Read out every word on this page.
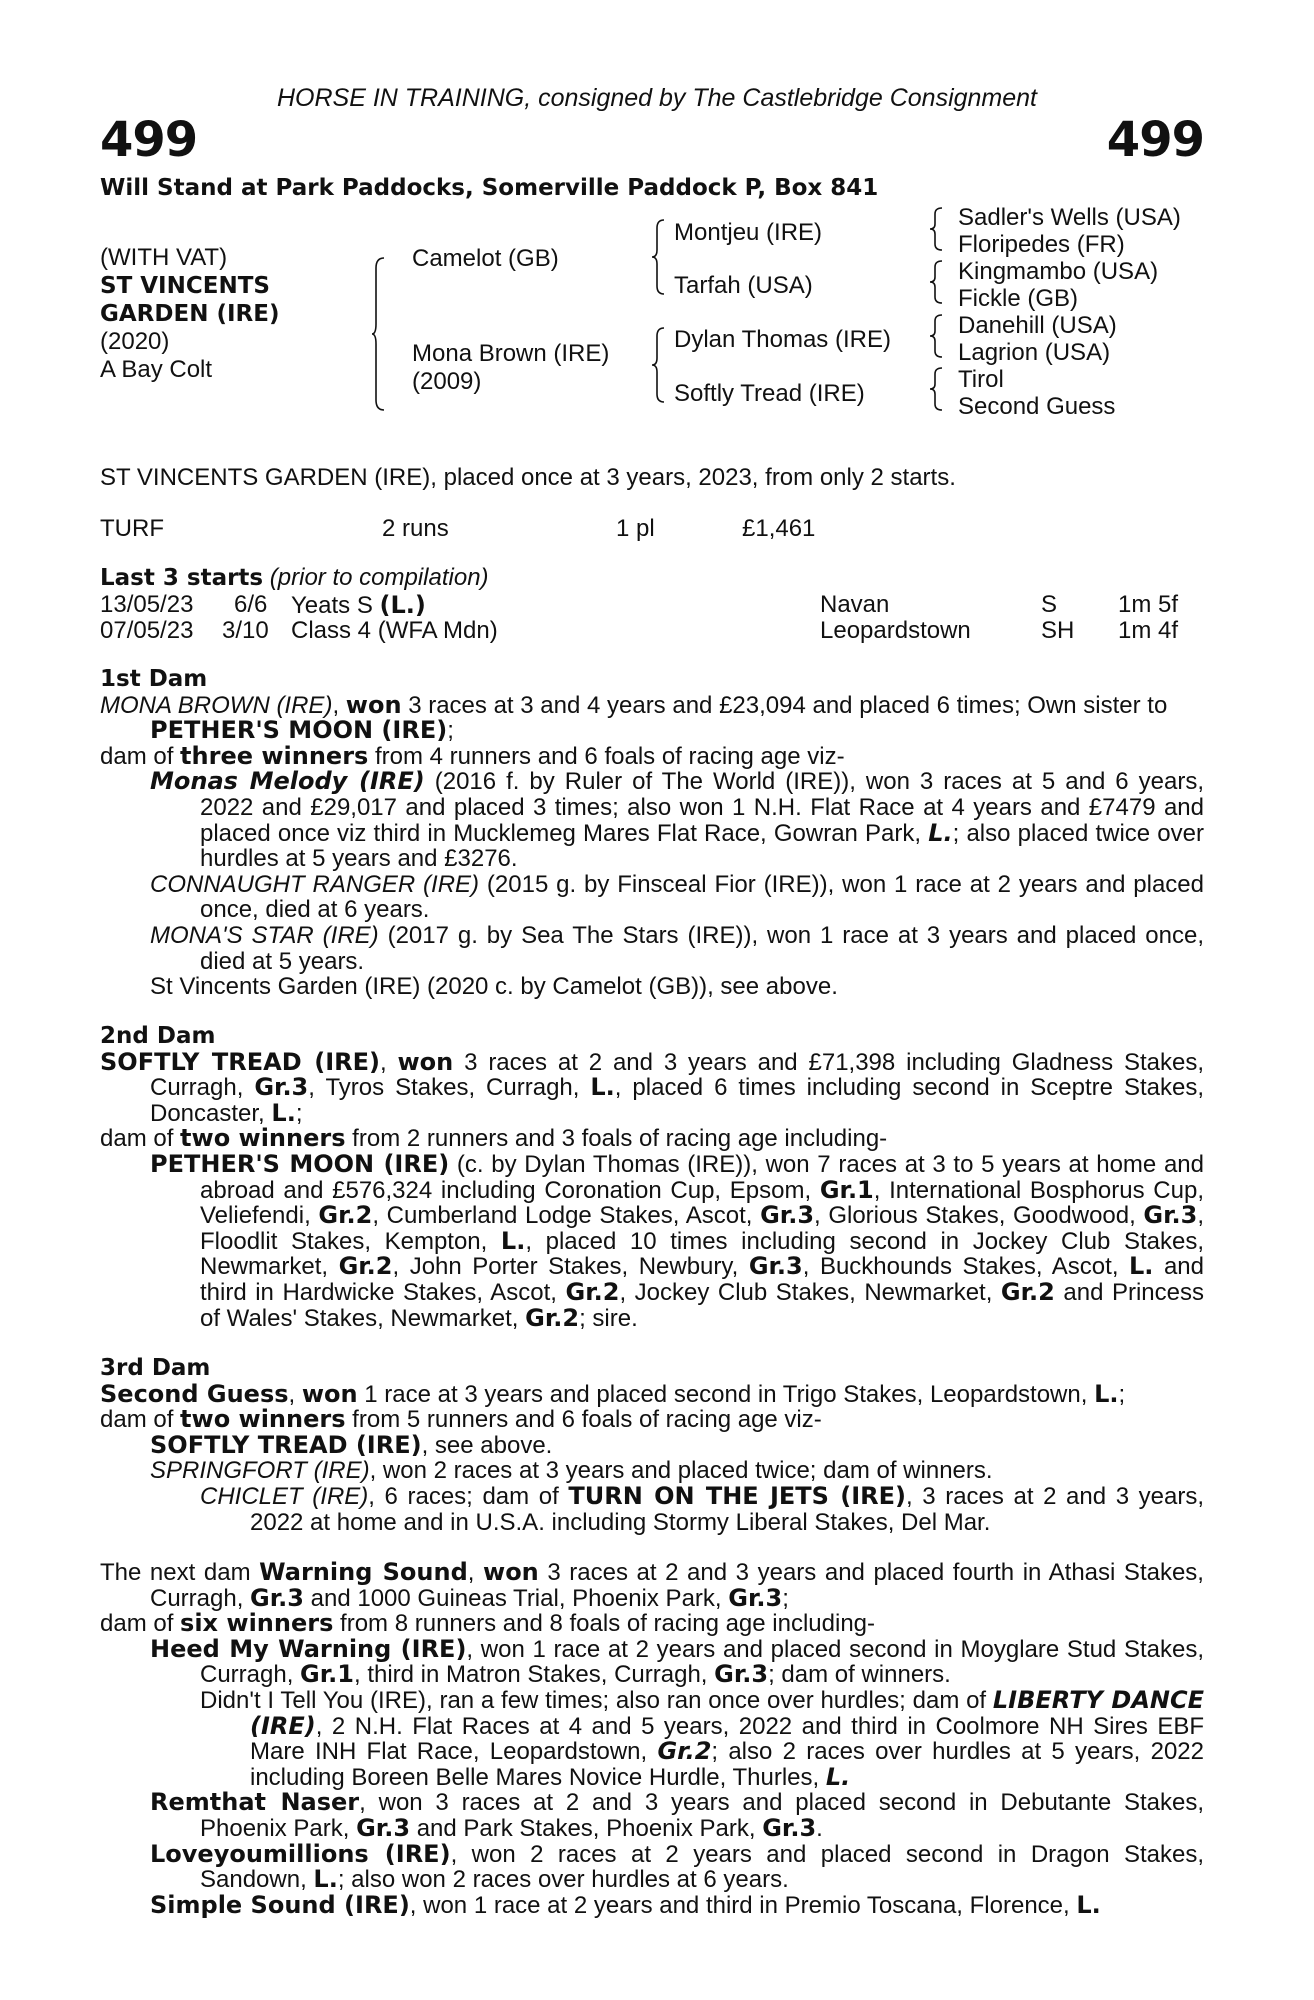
HORSE IN TRAINING, consigned by The Castlebridge Consignment
499	499
Will Stand at Park Paddocks, Somerville Paddock P, Box 841
(WITH VAT)
ST VINCENTS
GARDEN (IRE)
(2020)
A Bay Colt
Camelot (GB)
Mona Brown (IRE)
(2009)
Montjeu (IRE)
Tarfah (USA)
Dylan Thomas (IRE)
Softly Tread (IRE)
Sadler's Wells (USA)
Floripedes (FR)
Kingmambo (USA)
Fickle (GB)
Danehill (USA)
Lagrion (USA)
Tirol
Second Guess
ST VINCENTS GARDEN (IRE), placed once at 3 years, 2023, from only 2 starts.
TURF	2 runs	1 pl	£1,461
Last 3 starts (prior to compilation)
13/05/23 6/6 Yeats S (L.)	Navan	S	1m 5f
07/05/23 3/10 Class 4 (WFA Mdn)	Leopardstown	SH 1m 4f
1st Dam
MONA BROWN (IRE), won 3 races at 3 and 4 years and £23,094 and placed 6 times; Own sister to PETHER'S MOON (IRE);
dam of three winners from 4 runners and 6 foals of racing age viz-
Monas Melody (IRE) (2016 f. by Ruler of The World (IRE)), won 3 races at 5 and 6 years, 2022 and £29,017 and placed 3 times; also won 1 N.H. Flat Race at 4 years and £7479 and placed once viz third in Mucklemeg Mares Flat Race, Gowran Park, L.; also placed twice over hurdles at 5 years and £3276.
CONNAUGHT RANGER (IRE) (2015 g. by Finsceal Fior (IRE)), won 1 race at 2 years and placed once, died at 6 years.
MONA'S STAR (IRE) (2017 g. by Sea The Stars (IRE)), won 1 race at 3 years and placed once, died at 5 years.
St Vincents Garden (IRE) (2020 c. by Camelot (GB)), see above.
2nd Dam
SOFTLY TREAD (IRE), won 3 races at 2 and 3 years and £71,398 including Gladness Stakes, Curragh, Gr.3, Tyros Stakes, Curragh, L., placed 6 times including second in Sceptre Stakes, Doncaster, L.;
dam of two winners from 2 runners and 3 foals of racing age including-
PETHER'S MOON (IRE) (c. by Dylan Thomas (IRE)), won 7 races at 3 to 5 years at home and abroad and £576,324 including Coronation Cup, Epsom, Gr.1, International Bosphorus Cup, Veliefendi, Gr.2, Cumberland Lodge Stakes, Ascot, Gr.3, Glorious Stakes, Goodwood, Gr.3, Floodlit Stakes, Kempton, L., placed 10 times including second in Jockey Club Stakes, Newmarket, Gr.2, John Porter Stakes, Newbury, Gr.3, Buckhounds Stakes, Ascot, L. and third in Hardwicke Stakes, Ascot, Gr.2, Jockey Club Stakes, Newmarket, Gr.2 and Princess of Wales' Stakes, Newmarket, Gr.2; sire.
3rd Dam
Second Guess, won 1 race at 3 years and placed second in Trigo Stakes, Leopardstown, L.;
dam of two winners from 5 runners and 6 foals of racing age viz-
SOFTLY TREAD (IRE), see above.
SPRINGFORT (IRE), won 2 races at 3 years and placed twice; dam of winners.
CHICLET (IRE), 6 races; dam of TURN ON THE JETS (IRE), 3 races at 2 and 3 years, 2022 at home and in U.S.A. including Stormy Liberal Stakes, Del Mar.
The next dam Warning Sound, won 3 races at 2 and 3 years and placed fourth in Athasi Stakes, Curragh, Gr.3 and 1000 Guineas Trial, Phoenix Park, Gr.3;
dam of six winners from 8 runners and 8 foals of racing age including-
Heed My Warning (IRE), won 1 race at 2 years and placed second in Moyglare Stud Stakes, Curragh, Gr.1, third in Matron Stakes, Curragh, Gr.3; dam of winners.
Didn't I Tell You (IRE), ran a few times; also ran once over hurdles; dam of LIBERTY DANCE (IRE), 2 N.H. Flat Races at 4 and 5 years, 2022 and third in Coolmore NH Sires EBF Mare INH Flat Race, Leopardstown, Gr.2; also 2 races over hurdles at 5 years, 2022 including Boreen Belle Mares Novice Hurdle, Thurles, L.
Remthat Naser, won 3 races at 2 and 3 years and placed second in Debutante Stakes, Phoenix Park, Gr.3 and Park Stakes, Phoenix Park, Gr.3.
Loveyoumillions (IRE), won 2 races at 2 years and placed second in Dragon Stakes, Sandown, L.; also won 2 races over hurdles at 6 years.
Simple Sound (IRE), won 1 race at 2 years and third in Premio Toscana, Florence, L.
